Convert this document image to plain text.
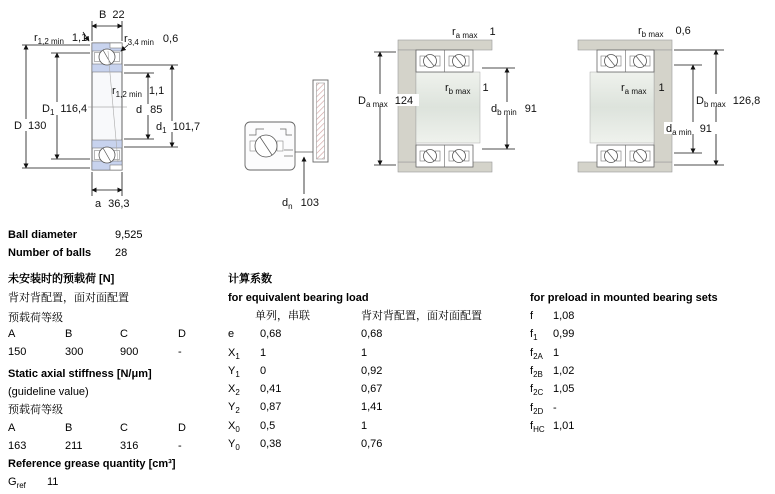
B 22
$r_{1,2 min}$ 1,1	$r_{3,4 min}$ 0,6
$r_{1,2 min}$ 1,1
D 130
$D_1$ 116,4	d 85
$d_1$ 101,7
a 36,3	$d_n$ 103
$D_{a max}$ 124
$d_{b min}$ 91
$r_{a max}$ 1
$r_{b max}$ 1
$d_{a min}$ 91
$D_{b max}$ 126,8
$r_{b max}$ 0,6
$r_{a max}$ 1
Ball diameter	9,525
Number of balls 28
未安装时的预载荷 [N]
背对背配置，面对面配置
预载荷等级
A	B	C	D
150	300	900	-
Static axial stiffness [N/μm]
(guideline value)
预载荷等级
A	B	C	D
163	211	316	-
Reference grease quantity [cm³]
$G_{ref}$ 11
计算系数
for equivalent bearing load
单列，串联	背对背配置，面对面配置
e 0,68	0,68
$X_1$ 1	1
$Y_1$ 0	0,92
$X_2$ 0,41	0,67
$Y_2$ 0,87	1,41
$X_0$ 0,5	1
$Y_0$ 0,38	0,76
for preload in mounted bearing sets
f 1,08
$f_1$ 0,99
$f_{2A}$ 1
$f_{2B}$ 1,02
$f_{2C}$ 1,05
$f_{2D}$ -
$f_{HC}$ 1,01
